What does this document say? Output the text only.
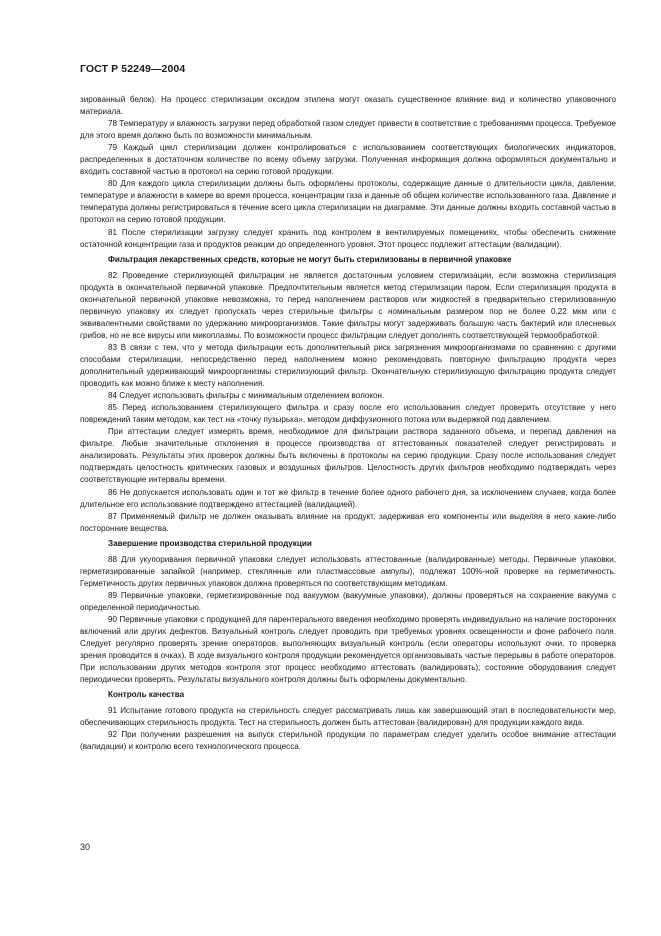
ГОСТ Р 52249—2004

зированный белок). На процесс стерилизации оксидом этилена могут оказать существенное влияние вид и количество упаковочного материала.

78 Температуру и влажность загрузки перед обработкой газом следует привести в соответствие с требованиями процесса. Требуемое для этого время должно быть по возможности минимальным.

79 Каждый цикл стерилизации должен контролироваться с использованием соответствующих биологических индикаторов, распределенных в достаточном количестве по всему объему загрузки. Полученная информация должна оформляться документально и входить составной частью в протокол на серию готовой продукции.

80 Для каждого цикла стерилизации должны быть оформлены протоколы, содержащие данные о длительности цикла, давлении, температуре и влажности в камере во время процесса, концентрации газа и данные об общем количестве использованного газа. Давление и температура должны регистрироваться в течение всего цикла стерилизации на диаграмме. Эти данные должны входить составной частью в протокол на серию готовой продукции.

81 После стерилизации загрузку следует хранить под контролем в вентилируемых помещениях, чтобы обеспечить снижение остаточной концентрации газа и продуктов реакции до определенного уровня. Этот процесс подлежит аттестации (валидации).

Фильтрация лекарственных средств, которые не могут быть стерилизованы в первичной упаковке

82 Проведение стерилизующей фильтрации не является достаточным условием стерилизации, если возможна стерилизация продукта в окончательной первичной упаковке. Предпочтительным является метод стерилизации паром. Если стерилизация продукта в окончательной первичной упаковке невозможна, то перед наполнением растворов или жидкостей в предварительно стерилизованную первичную упаковку их следует пропускать через стерильные фильтры с номинальным размером пор не более 0,22 мкм или с эквивалентными свойствами по удержанию микроорганизмов. Такие фильтры могут задерживать большую часть бактерий или плесневых грибов, но не все вирусы или микоплазмы. По возможности процесс фильтрации следует дополнять соответствующей термообработкой.

83 В связи с тем, что у метода фильтрации есть дополнительный риск загрязнения микроорганизмами по сравнению с другими способами стерилизации, непосредственно перед наполнением можно рекомендовать повторную фильтрацию продукта через дополнительный удерживающий микроорганизмы стерилизующий фильтр. Окончательную стерилизующую фильтрацию продукта следует проводить как можно ближе к месту наполнения.

84 Следует использовать фильтры с минимальным отделением волокон.

85 Перед использованием стерилизующего фильтра и сразу после его использования следует проверить отсутствие у него повреждений таким методом, как тест на «точку пузырька», методом диффузионного потока или выдержкой под давлением.

При аттестации следует измерять время, необходимое для фильтрации раствора заданного объема, и перепад давления на фильтре. Любые значительные отклонения в процессе производства от аттестованных показателей следует регистрировать и анализировать. Результаты этих проверок должны быть включены в протоколы на серию продукции. Сразу после использования следует подтверждать целостность критических газовых и воздушных фильтров. Целостность других фильтров необходимо подтверждать через соответствующие интервалы времени.

86 Не допускается использовать один и тот же фильтр в течение более одного рабочего дня, за исключением случаев, когда более длительное его использование подтверждено аттестацией (валидацией).

87 Применяемый фильтр не должен оказывать влияние на продукт, задерживая его компоненты или выделяя в него какие-либо посторонние вещества.

Завершение производства стерильной продукции

88 Для укупоривания первичной упаковки следует использовать аттестованные (валидированные) методы. Первичные упаковки, герметизированные запайкой (например, стеклянные или пластмассовые ампулы), подлежат 100%-ной проверке на герметичность. Герметичность других первичных упаковок должна проверяться по соответствующим методикам.

89 Первичные упаковки, герметизированные под вакуумом (вакуумные упаковки), должны проверяться на сохранение вакуума с определенной периодичностью.

90 Первичные упаковки с продукцией для парентерального введения необходимо проверять индивидуально на наличие посторонних включений или других дефектов. Визуальный контроль следует проводить при требуемых уровнях освещенности и фоне рабочего поля. Следует регулярно проверять зрение операторов, выполняющих визуальный контроль (если операторы используют очки, то проверка зрения проводится в очках). В ходе визуального контроля продукции рекомендуется организовывать частые перерывы в работе операторов. При использовании других методов контроля этот процесс необходимо аттестовать (валидировать); состояние оборудования следует периодически проверять. Результаты визуального контроля должны быть оформлены документально.

Контроль качества

91 Испытание готового продукта на стерильность следует рассматривать лишь как завершающий этап в последовательности мер, обеспечивающих стерильность продукта. Тест на стерильность должен быть аттестован (валидирован) для продукции каждого вида.

92 При получении разрешения на выпуск стерильной продукции по параметрам следует уделить особое внимание аттестации (валидации) и контролю всего технологического процесса.

30
